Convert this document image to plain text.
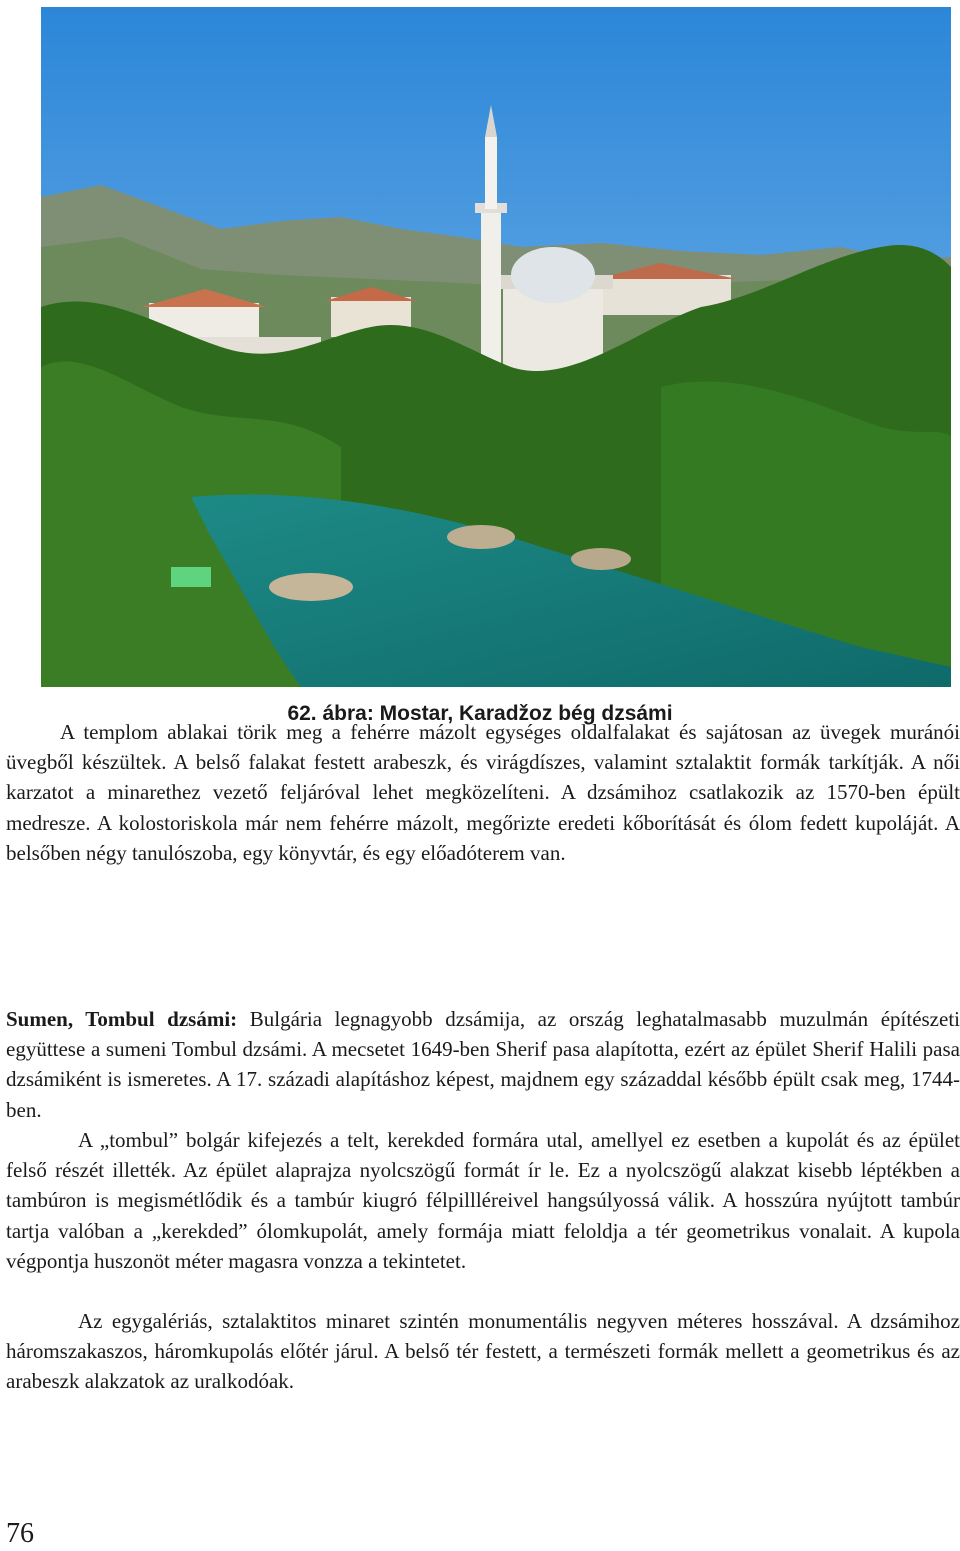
62. ábra: Mostar, Karadžoz bég dzsámi

A templom ablakai törik meg a fehérre mázolt egységes oldalfalakat és sajátosan az üvegek muránói üvegből készültek. A belső falakat festett arabeszk, és virágdíszes, valamint sztalaktit formák tarkítják. A női karzatot a minarethez vezető feljáróval lehet megközelíteni. A dzsámihoz csatlakozik az 1570-ben épült medresze. A kolostoriskola már nem fehérre mázolt, megőrizte eredeti kőborítását és ólom fedett kupoláját. A belsőben négy tanulószoba, egy könyvtár, és egy előadóterem van.

Sumen, Tombul dzsámi: Bulgária legnagyobb dzsámija, az ország leghatalmasabb muzulmán építészeti együttese a sumeni Tombul dzsámi. A mecsetet 1649-ben Sherif pasa alapította, ezért az épület Sherif Halili pasa dzsámiként is ismeretes. A 17. századi alapításhoz képest, majdnem egy századdal később épült csak meg, 1744-ben.

A „tombul” bolgár kifejezés a telt, kerekded formára utal, amellyel ez esetben a kupolát és az épület felső részét illették. Az épület alaprajza nyolcszögű formát ír le. Ez a nyolcszögű alakzat kisebb léptékben a tambúron is megismétlődik és a tambúr kiugró félpillléreivel hangsúlyossá válik. A hosszúra nyújtott tambúr tartja valóban a „kerekded” ólomkupolát, amely formája miatt feloldja a tér geometrikus vonalait. A kupola végpontja huszonöt méter magasra vonzza a tekintetet.

Az egygalériás, sztalaktitos minaret szintén monumentális negyven méteres hosszával. A dzsámihoz háromszakaszos, háromkupolás előtér járul. A belső tér festett, a természeti formák mellett a geometrikus és az arabeszk alakzatok az uralkodóak.

76
